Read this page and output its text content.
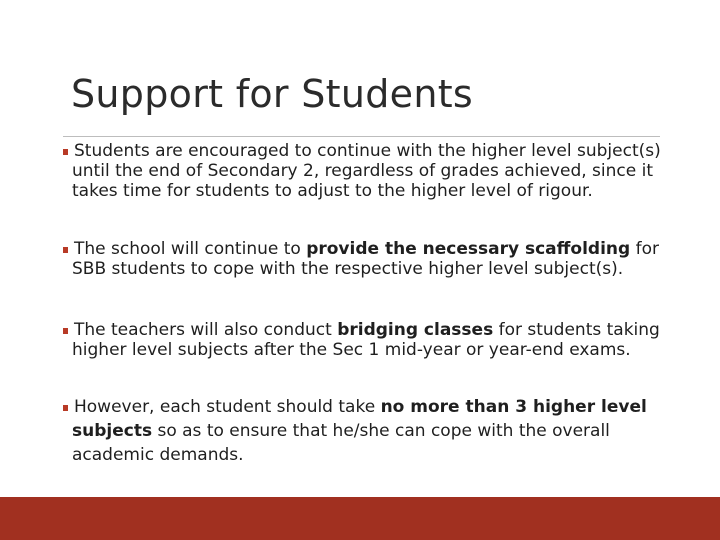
Support for Students
Students are encouraged to continue with the higher level subject(s)
until the end of Secondary 2, regardless of grades achieved, since it
takes time for students to adjust to the higher level of rigour.
The school will continue to provide the necessary scaffolding for
SBB students to cope with the respective higher level subject(s).
The teachers will also conduct bridging classes for students taking
higher level subjects after the Sec 1 mid-year or year-end exams.
However, each student should take no more than 3 higher level
subjects so as to ensure that he/she can cope with the overall
academic demands.
